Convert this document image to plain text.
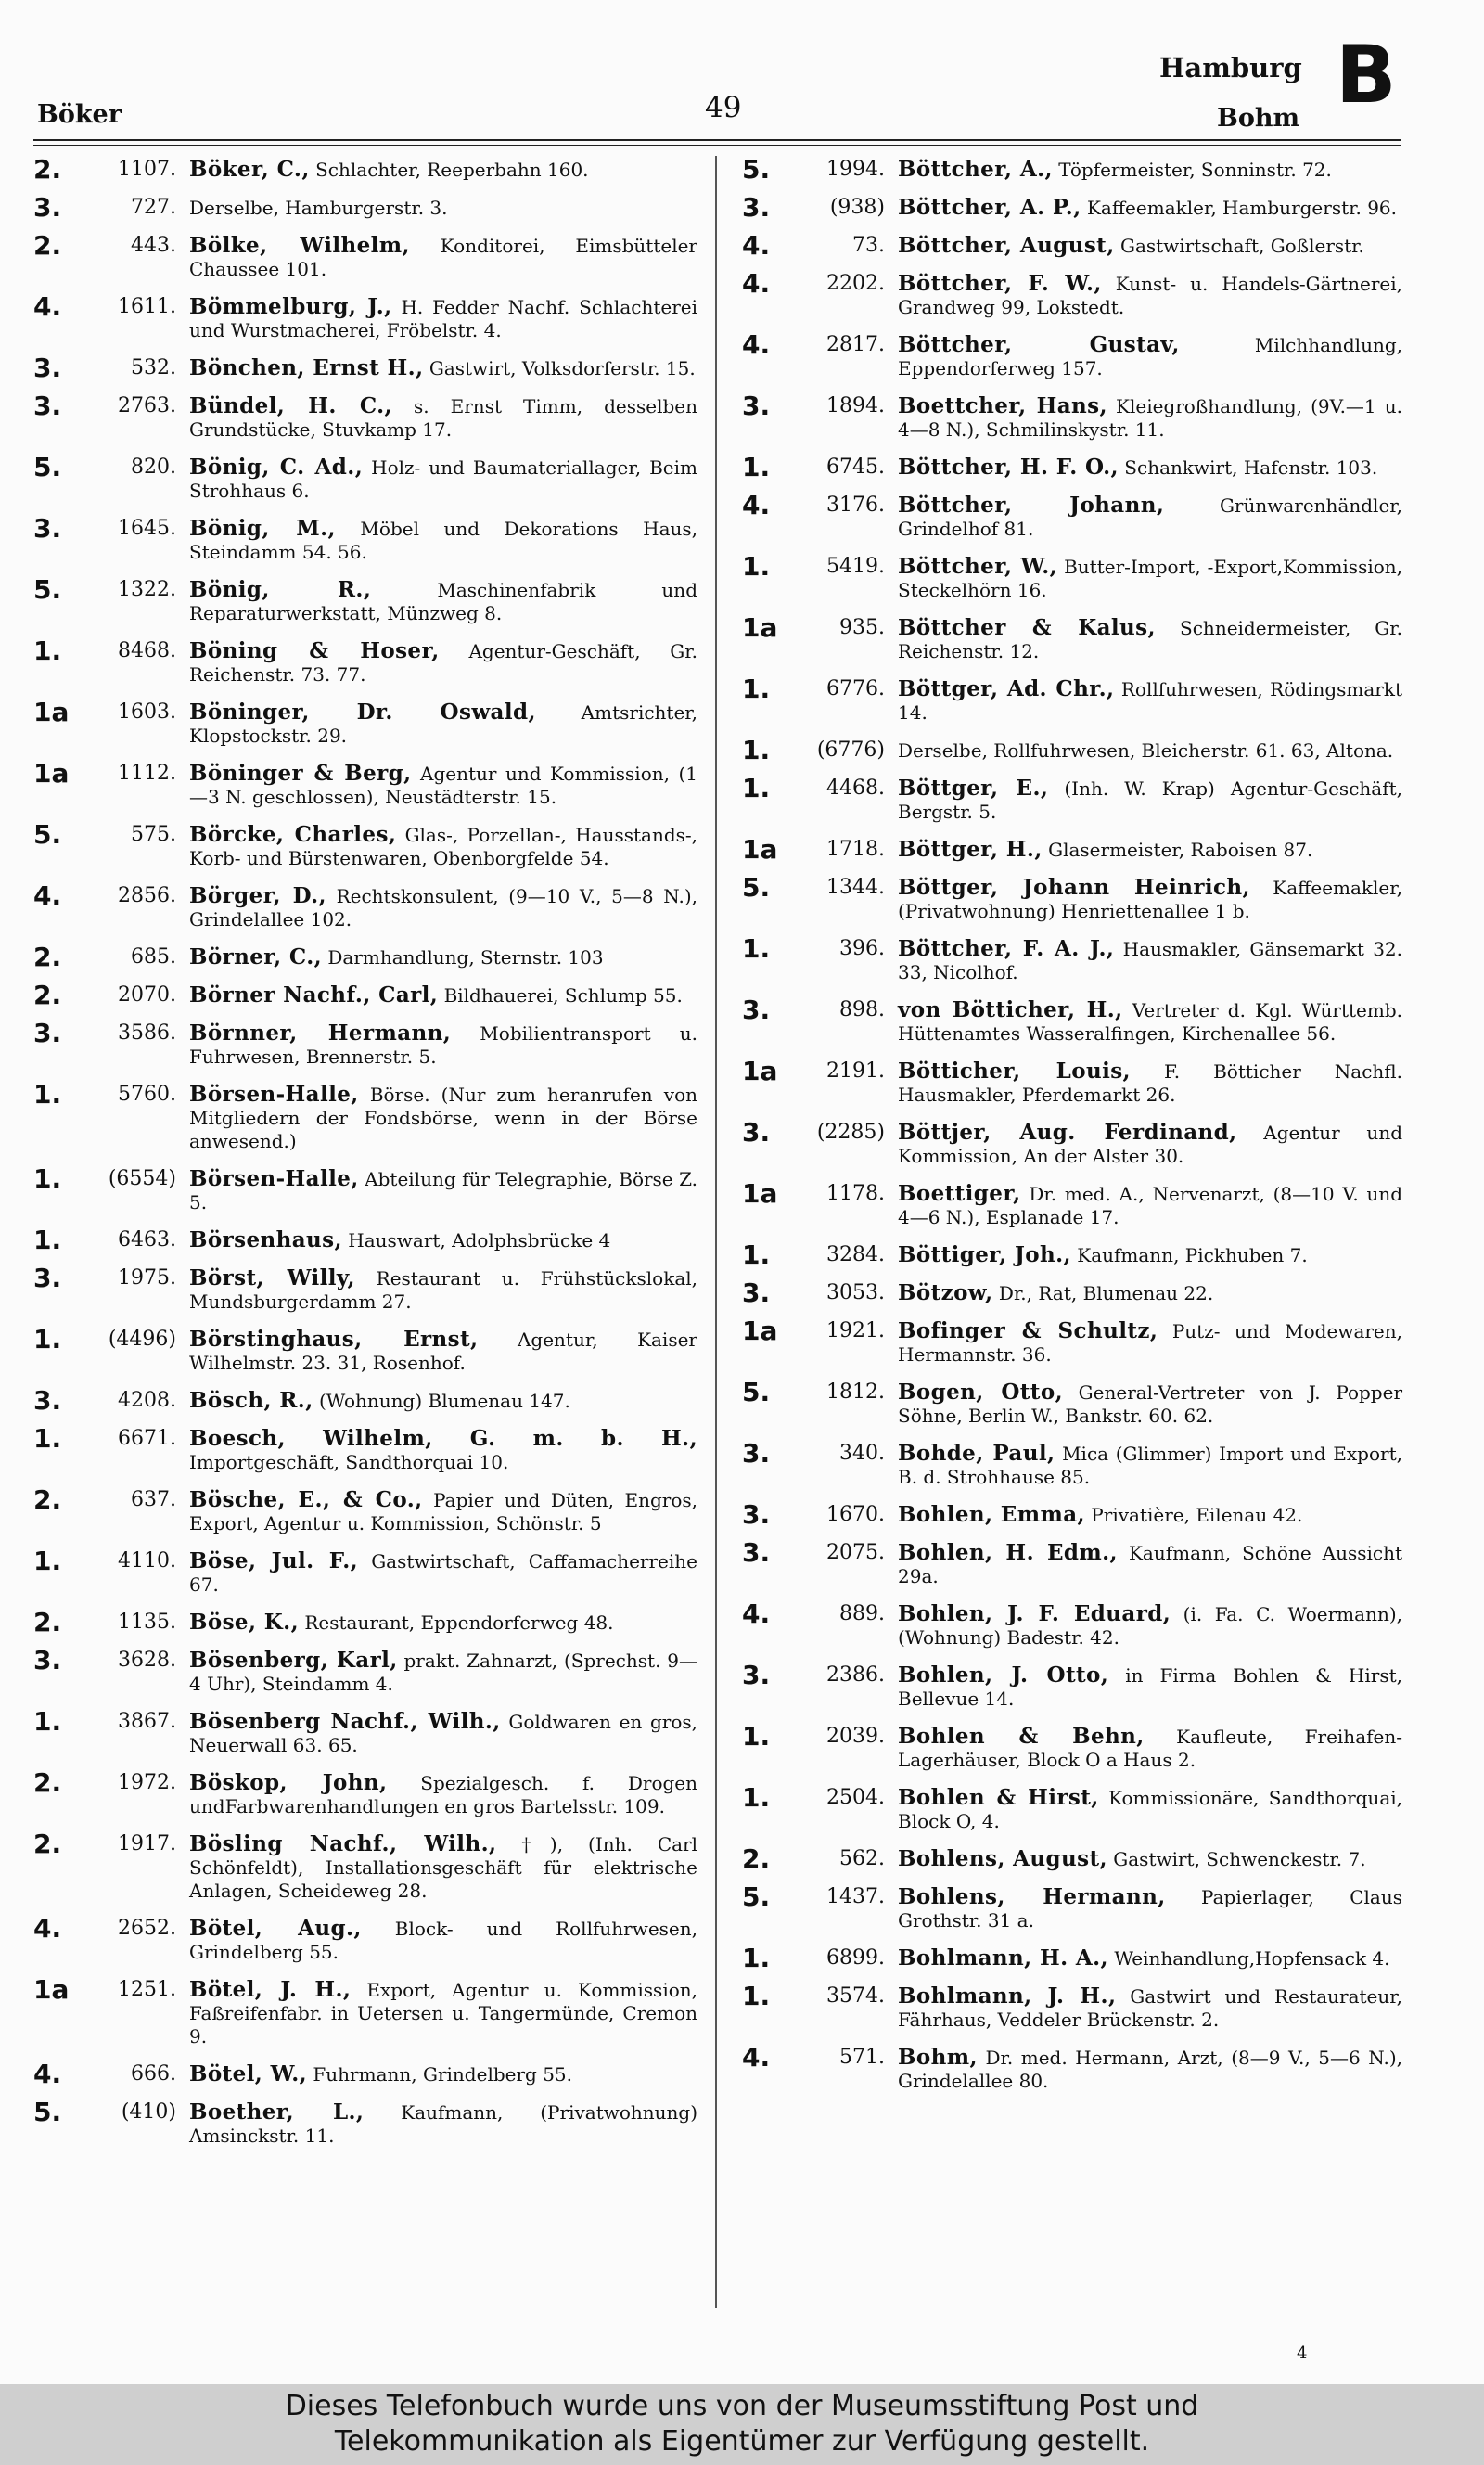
Böker	49
Hamburg
Bohm B
2.	1107. Böker, C., Schlachter, Reeperbahn 160.
3.	727. Derselbe, Hamburgerstr. 3.
2.	443. Bölke, Wilhelm, Konditorei, Eimsbütteler Chaussee 101.
4.	1611. Bömmelburg, J., H. Fedder Nachf. Schlachterei und Wurstmacherei, Fröbelstr. 4.
3.	532. Bönchen, Ernst H., Gastwirt, Volksdorferstr. 15.
3.	2763. Bündel, H. C., s. Ernst Timm, desselben Grundstücke, Stuvkamp 17.
5.	820. Bönig, C. Ad., Holz- und Baumateriallager, Beim Strohhaus 6.
3.	1645. Bönig, M., Möbel und Dekorations Haus, Steindamm 54. 56.
5.	1322. Bönig, R.,	Maschinenfabrik und Reparaturwerkstatt, Münzweg 8.
1.	8468. Böning & Hoser, Agentur-Geschäft, Gr. Reichenstr. 73. 77.
1a	1603. Böninger, Dr. Oswald, Amtsrichter, Klopstockstr. 29.
1a	1112. Böninger & Berg, Agentur und Kommission, (1—3 N. geschlossen), Neustädterstr. 15.
5.	575. Börcke, Charles, Glas-, Porzellan-, Hausstands-, Korb- und Bürstenwaren, Obenborgfelde 54.
4.	2856. Börger, D., Rechtskonsulent, (9—10 V., 5—8 N.), Grindelallee 102.
2.	685. Börner, C., Darmhandlung, Sternstr. 103
2.	2070. Börner Nachf., Carl, Bildhauerei, Schlump 55.
3.	3586. Börnner, Hermann, Mobilientransport u. Fuhrwesen, Brennerstr. 5.
1.	5760. Börsen-Halle, Börse. (Nur zum heranrufen von Mitgliedern der Fondsbörse, wenn in der Börse anwesend.)
1.	(6554) Börsen-Halle, Abteilung für Telegraphie, Börse Z. 5.
1.	6463. Börsenhaus, Hauswart, Adolphsbrücke 4
3.	1975. Börst, Willy, Restaurant u. Frühstückslokal, Mundsburgerdamm 27.
1.	(4496) Börstinghaus, Ernst, Agentur, Kaiser Wilhelmstr. 23. 31, Rosenhof.
3.	4208. Bösch, R., (Wohnung) Blumenau 147.
1.	6671. Boesch, Wilhelm, G. m. b. H., Importgeschäft, Sandthorquai 10.
2.	637. Bösche, E., & Co., Papier und Düten, Engros, Export, Agentur u. Kommission, Schönstr. 5
1.	4110. Böse, Jul. F., Gastwirtschaft, Caffamacherreihe 67.
2.	1135. Böse, K., Restaurant, Eppendorferweg 48.
3.	3628. Bösenberg, Karl, prakt. Zahnarzt, (Sprechst. 9—4 Uhr), Steindamm 4.
1.	3867. Bösenberg Nachf., Wilh., Goldwaren en gros, Neuerwall 63. 65.
2.	1972. Böskop, John, Spezialgesch. f. Drogen undFarbwarenhandlungen en gros Bartelsstr. 109.
2.	1917. Bösling Nachf., Wilh., †), (Inh. Carl Schönfeldt), Installationsgeschäft für elektrische Anlagen, Scheideweg 28.
4.	2652. Bötel, Aug., Block- und Rollfuhrwesen, Grindelberg 55.
1a	1251. Bötel, J. H., Export, Agentur u. Kommission, Faßreifenfabr. in Uetersen u. Tangermünde, Cremon 9.
4.	666. Bötel, W., Fuhrmann, Grindelberg 55.
5.	(410) Boether, L., Kaufmann, (Privatwohnung) Amsinckstr. 11.
5.	1994. Böttcher, A., Töpfermeister, Sonninstr. 72.
3.	(938) Böttcher, A. P., Kaffeemakler, Hamburgerstr. 96.
4.	73. Böttcher, August, Gastwirtschaft, Goßlerstr.
4.	2202. Böttcher, F. W., Kunst- u. Handels-Gärtnerei, Grandweg 99, Lokstedt.
4.	2817. Böttcher, Gustav,	Milchhandlung, Eppendorferweg 157.
3.	1894. Boettcher, Hans, Kleiegroßhandlung, (9V.—1 u. 4—8 N.), Schmilinskystr. 11.
1.	6745. Böttcher, H. F. O., Schankwirt, Hafenstr. 103.
4.	3176. Böttcher, Johann,	Grünwarenhändler, Grindelhof 81.
1.	5419. Böttcher, W., Butter-Import, -Export,Kommission, Steckelhörn 16.
1a	935. Böttcher & Kalus, Schneidermeister, Gr. Reichenstr. 12.
1.	6776. Böttger, Ad. Chr., Rollfuhrwesen, Rödingsmarkt 14.
1.	(6776) Derselbe, Rollfuhrwesen, Bleicherstr. 61. 63, Altona.
1.	4468. Böttger, E., (Inh. W. Krap) Agentur-Geschäft, Bergstr. 5.
1a	1718. Böttger, H., Glasermeister, Raboisen 87.
5.	1344. Böttger, Johann Heinrich, Kaffeemakler, (Privatwohnung) Henriettenallee 1 b.
1.	396. Böttcher, F. A. J., Hausmakler, Gänsemarkt 32. 33, Nicolhof.
3.	898. von Bötticher, H., Vertreter d. Kgl. Württemb. Hüttenamtes Wasseralfingen, Kirchenallee 56.
1a	2191. Bötticher, Louis, F. Bötticher Nachfl. Hausmakler, Pferdemarkt 26.
3.	(2285) Böttjer, Aug. Ferdinand, Agentur und Kommission, An der Alster 30.
1a	1178. Boettiger, Dr. med. A., Nervenarzt, (8—10 V. und 4—6 N.), Esplanade 17.
1.	3284. Böttiger, Joh., Kaufmann, Pickhuben 7.
3.	3053. Bötzow, Dr., Rat, Blumenau 22.
1a	1921. Bofinger & Schultz, Putz- und Modewaren, Hermannstr. 36.
5.	1812. Bogen, Otto, General-Vertreter von J. Popper Söhne, Berlin W., Bankstr. 60. 62.
3.	340. Bohde, Paul, Mica (Glimmer) Import und Export, B. d. Strohhause 85.
3.	1670. Bohlen, Emma, Privatière, Eilenau 42.
3.	2075. Bohlen, H. Edm., Kaufmann, Schöne Aussicht 29a.
4.	889. Bohlen, J. F. Eduard, (i. Fa. C. Woermann), (Wohnung) Badestr. 42.
3.	2386. Bohlen, J. Otto, in Firma Bohlen & Hirst, Bellevue 14.
1.	2039. Bohlen & Behn, Kaufleute, Freihafen-Lagerhäuser, Block O a Haus 2.
1.	2504. Bohlen & Hirst, Kommissionäre, Sandthorquai, Block O, 4.
2.	562. Bohlens, August, Gastwirt, Schwenckestr. 7.
5.	1437. Bohlens, Hermann, Papierlager, Claus Grothstr. 31 a.
1.	6899. Bohlmann, H. A., Weinhandlung,Hopfensack 4.
1.	3574. Bohlmann, J. H., Gastwirt und Restaurateur, Fährhaus, Veddeler Brückenstr. 2.
4.	571. Bohm, Dr. med. Hermann, Arzt, (8—9 V., 5—6 N.), Grindelallee 80.
4
Dieses Telefonbuch wurde uns von der Museumsstiftung Post und
Telekommunikation als Eigentümer zur Verfügung gestellt.
